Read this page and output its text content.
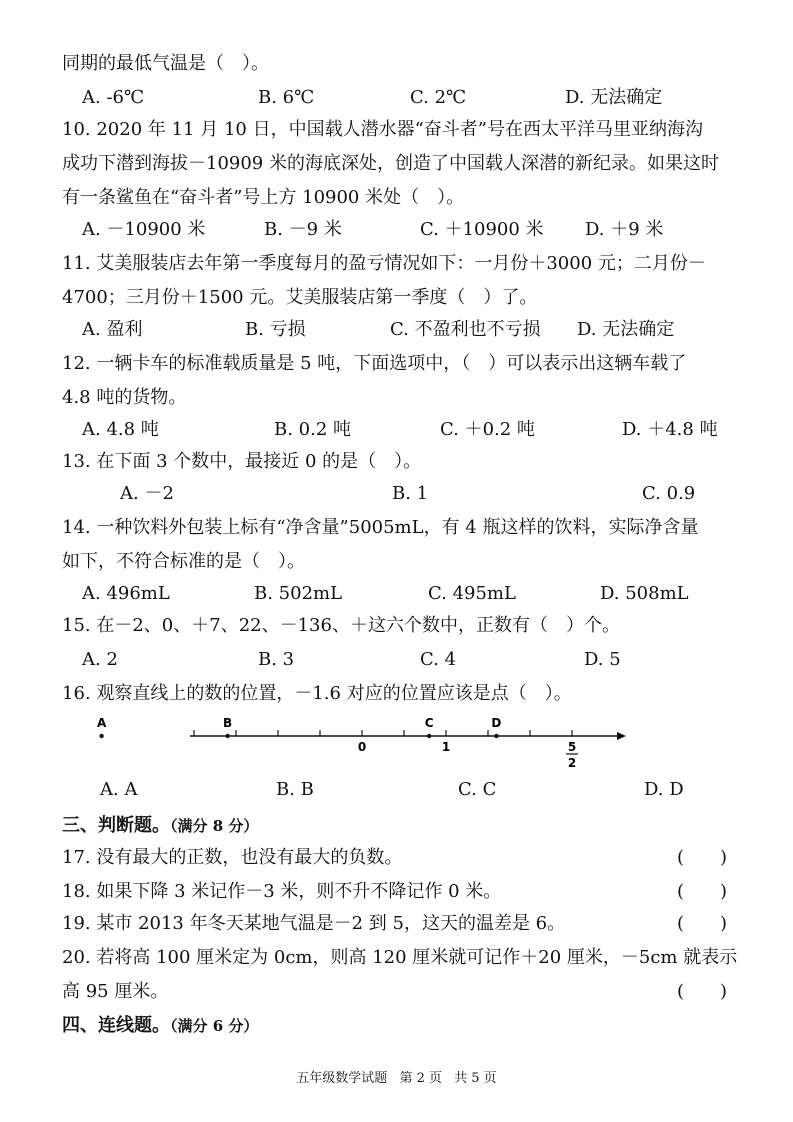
同期的最低气温是（　）。
A. -6℃	B. 6℃	C. 2℃	D. 无法确定
10. 2020 年 11 月 10 日，中国载人潜水器“奋斗者”号在西太平洋马里亚纳海沟
成功下潜到海拔－10909 米的海底深处，创造了中国载人深潜的新纪录。如果这时
有一条鲨鱼在“奋斗者”号上方 10900 米处（　）。
A. －10900 米	B. －9 米	C. ＋10900 米 D. ＋9 米
11. 艾美服装店去年第一季度每月的盈亏情况如下：一月份＋3000 元；二月份－
4700；三月份＋1500 元。艾美服装店第一季度（　）了。
A. 盈利	B. 亏损	C. 不盈利也不亏损 D. 无法确定
12. 一辆卡车的标准载质量是 5 吨，下面选项中，（　）可以表示出这辆车载了
4.8 吨的货物。
A. 4.8 吨	B. 0.2 吨	C. ＋0.2 吨	D. ＋4.8 吨
13. 在下面 3 个数中，最接近 0 的是（　）。
A. －2	B. 1	C. 0.9
14. 一种饮料外包装上标有“净含量”5005mL，有 4 瓶这样的饮料，实际净含量
如下，不符合标准的是（　）。
A. 496mL	B. 502mL	C. 495mL	D. 508mL
15. 在－2、0、＋7、22、－136、＋这六个数中，正数有（　）个。
A. 2	B. 3	C. 4	D. 5
16. 观察直线上的数的位置，－1.6 对应的位置应该是点（　）。
A	B	C	D
0	1	5
2
A. A	B. B	C. C	D. D
三、判断题。（满分 8 分）
17. 没有最大的正数，也没有最大的负数。	(　　)
18. 如果下降 3 米记作－3 米，则不升不降记作 0 米。	(　　)
19. 某市 2013 年冬天某地气温是－2 到 5，这天的温差是 6。	(　　)
20. 若将高 100 厘米定为 0cm，则高 120 厘米就可记作＋20 厘米，－5cm 就表示
高 95 厘米。	(　　)
四、连线题。（满分 6 分）
五年级数学试题 第 2 页 共 5 页
